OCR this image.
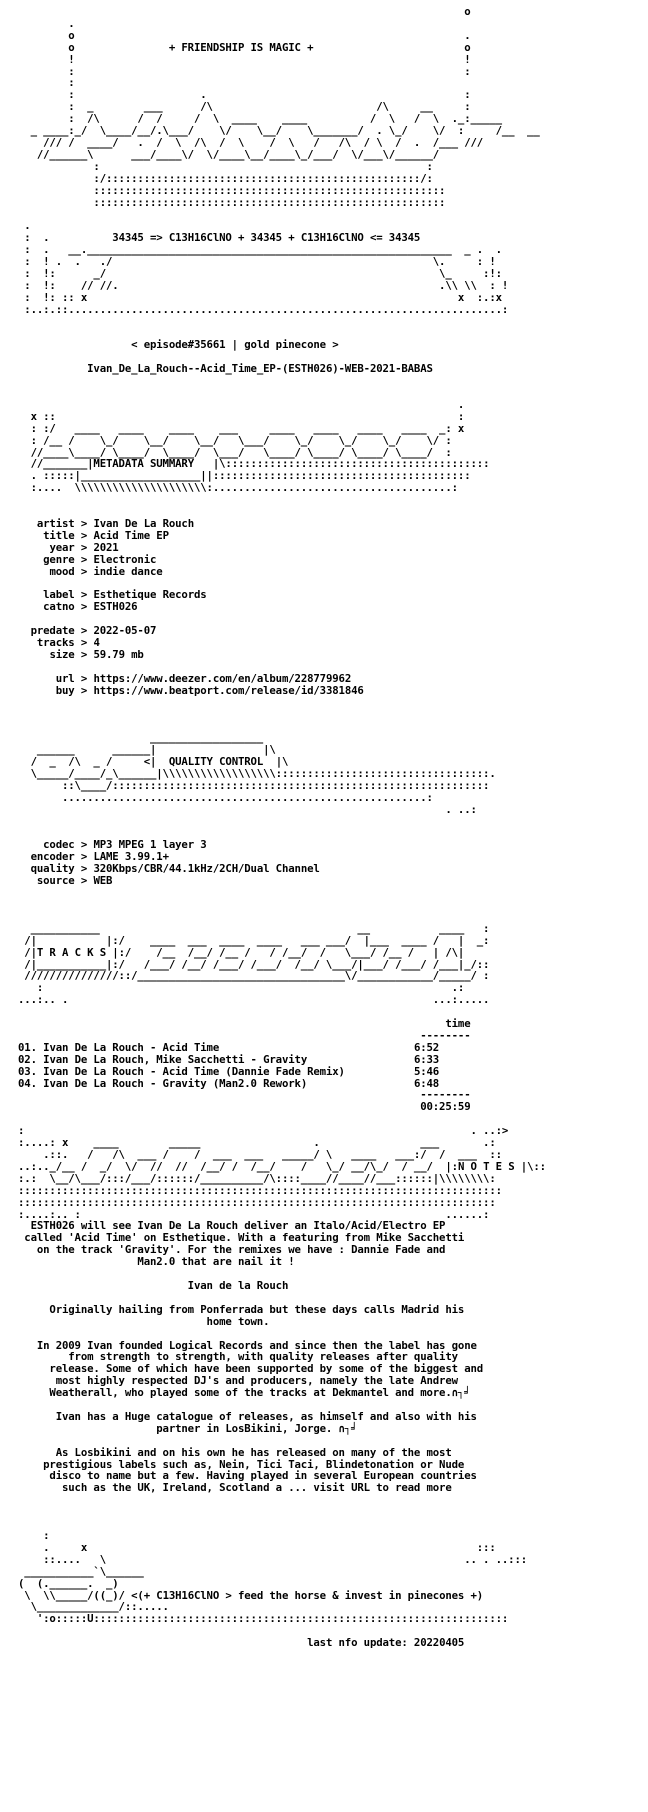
o
.
o                                                              .
o               + FRIENDSHIP IS MAGIC +                        o
!                                                              !
:                                                              :
:
:                    .                                         :
:  _        ___      /\                          /\     __     :
:  /\      /  /     /  \  ____    ____          /  \   /  \  ._:_____
_ ____:_/  \____/__/.\___/    \/    \__/    \_______/  . \_/    \/  :     /__  __
/// /  ____/   .  /  \  /\  /  \    /  \   /   /\  / \  /  .  /___ ///
//______\      ___/____\/  \/____\__/____\_/___/  \/___\/______/
:                                                    :
:/::::::::::::::::::::::::::::::::::::::::::::::::::/:
::::::::::::::::::::::::::::::::::::::::::::::::::::::::
::::::::::::::::::::::::::::::::::::::::::::::::::::::::

.
:  .	34345 => C13H16ClNO + 34345 + C13H16ClNO <= 34345
:  .   __.__________________________________________________________  _ .  .
:  ! .  .   ./                                                   \.     : !
:  !:      _/                                                     \_     :!:
:  !:    // //.                                                   .\\ \\  : !
:  !: :: x                                                           x  :.:x
:..:.::.....................................................................:

< episode#35661 | gold pinecone >

Ivan_De_La_Rouch--Acid_Time_EP-(ESTH026)-WEB-2021-BABAS

.
x ::                                                                :
: :/   ____   ____    ____    ___     ____   ____   ____   ____  _: x
: /__ /    \_/    \__/    \__/   \___/    \_/    \_/    \_/    \/ :
//____\____/ \____/  \____/  \___/   \____/ \____/ \____/ \____/  :
//_______|METADATA SUMMARY   |\::::::::::::::::::::::::::::::::::::::::::
. :::::|___________________||:::::::::::::::::::::::::::::::::::::::::
:....  \\\\\\\\\\\\\\\\\\\\\:......................................:

artist > Ivan De La Rouch
title > Acid Time EP
year > 2021
genre > Electronic
mood > indie dance

label > Esthetique Records
catno > ESTH026

predate > 2022-05-07
tracks > 4
size > 59.79 mb

url > https://www.deezer.com/en/album/228779962
buy > https://www.beatport.com/release/id/3381846

__________________
______      ______|                 |\
/  _  /\  _ /     <| QUALITY CONTROL  |\
\_____/____/_\______|\\\\\\\\\\\\\\\\\\::::::::::::::::::::::::::::::::::.
::\____/::::::::::::::::::::::::::::::::::::::::::::::::::::::::::::
..........................................................:
. ..:

codec > MP3 MPEG 1 layer 3
encoder > LAME 3.99.1+
quality > 320Kbps/CBR/44.1kHz/2CH/Dual Channel
source > WEB

___________                                         __           ____   :
/|           |:/    ____  ___  ____  ____   ___ ___/  |___  ____ /   |  _:
/|T R A C K S |:/    /__  /__/ /__ /   / /__/  /   \___/ /__ /   | /\|
/|___________|:/   /___/ /__/ /___/ /___/  /__/ \___/|___/ /___/ /___|_/::
///////////////::/_________________________________\/____________/_____/ :
:                                                                 .:
...:.. .                                                          ...:.....

time
--------
01. Ivan De La Rouch - Acid Time	6:52
02. Ivan De La Rouch, Mike Sacchetti - Gravity	6:33
03. Ivan De La Rouch - Acid Time (Dannie Fade Remix)	5:46
04. Ivan De La Rouch - Gravity (Man2.0 Rework)	6:48
--------
00:25:59

:                                                                       . ..:>
:....: x    ____        _____                  .                ___       .:
.::.   /   /\  ___ /    /  ___  ___   _____/ \   ____   ___:/  /  ___  ::
..:.._/__ /  _/  \/  //  //  /__/ /  /__/    /   \_/ __/\_/  / __/  |:N O T E S |\::
:.:  \__/\___/:::/___/::::::/__________/\::::____//____//___::::::|\\\\\\\\:
:::::::::::::::::::::::::::::::::::::::::::::::::::::::::::::::::::::::::::::
::::::::::::::::::::::::::::::::::::::::::::::::::::::::::::::::::::::::::::
:....:.. :                                                          ......:
ESTH026 will see Ivan De La Rouch deliver an Italo/Acid/Electro EP
called 'Acid Time' on Esthetique. With a featuring from Mike Sacchetti
on the track 'Gravity'. For the remixes we have : Dannie Fade and
Man2.0 that are nail it !

Ivan de la Rouch

Originally hailing from Ponferrada but these days calls Madrid his
home town.

In 2009 Ivan founded Logical Records and since then the label has gone
from strength to strength, with quality releases after quality
release. Some of which have been supported by some of the biggest and
most highly respected DJ's and producers, namely the late Andrew
Weatherall, who played some of the tracks at Dekmantel and more.∩┐╛

Ivan has a Huge catalogue of releases, as himself and also with his
partner in LosBikini, Jorge. ∩┐╛

As Losbikini and on his own he has released on many of the most
prestigious labels such as, Nein, Tici Taci, Blindetonation or Nude
disco to name but a few. Having played in several European countries
such as the UK, Ireland, Scotland a ... visit URL to read more

:
.     x                                                              :::
::....   \                                                         .. . ..:::
___________`\______
(  (.______.  _)
\  \\_____/((_)/ <(+ C13H16ClNO > feed the horse & invest in pinecones +)
\_____________/::.....
':o:::::U::::::::::::::::::::::::::::::::::::::::::::::::::::::::::::::::::

last nfo update: 20220405
